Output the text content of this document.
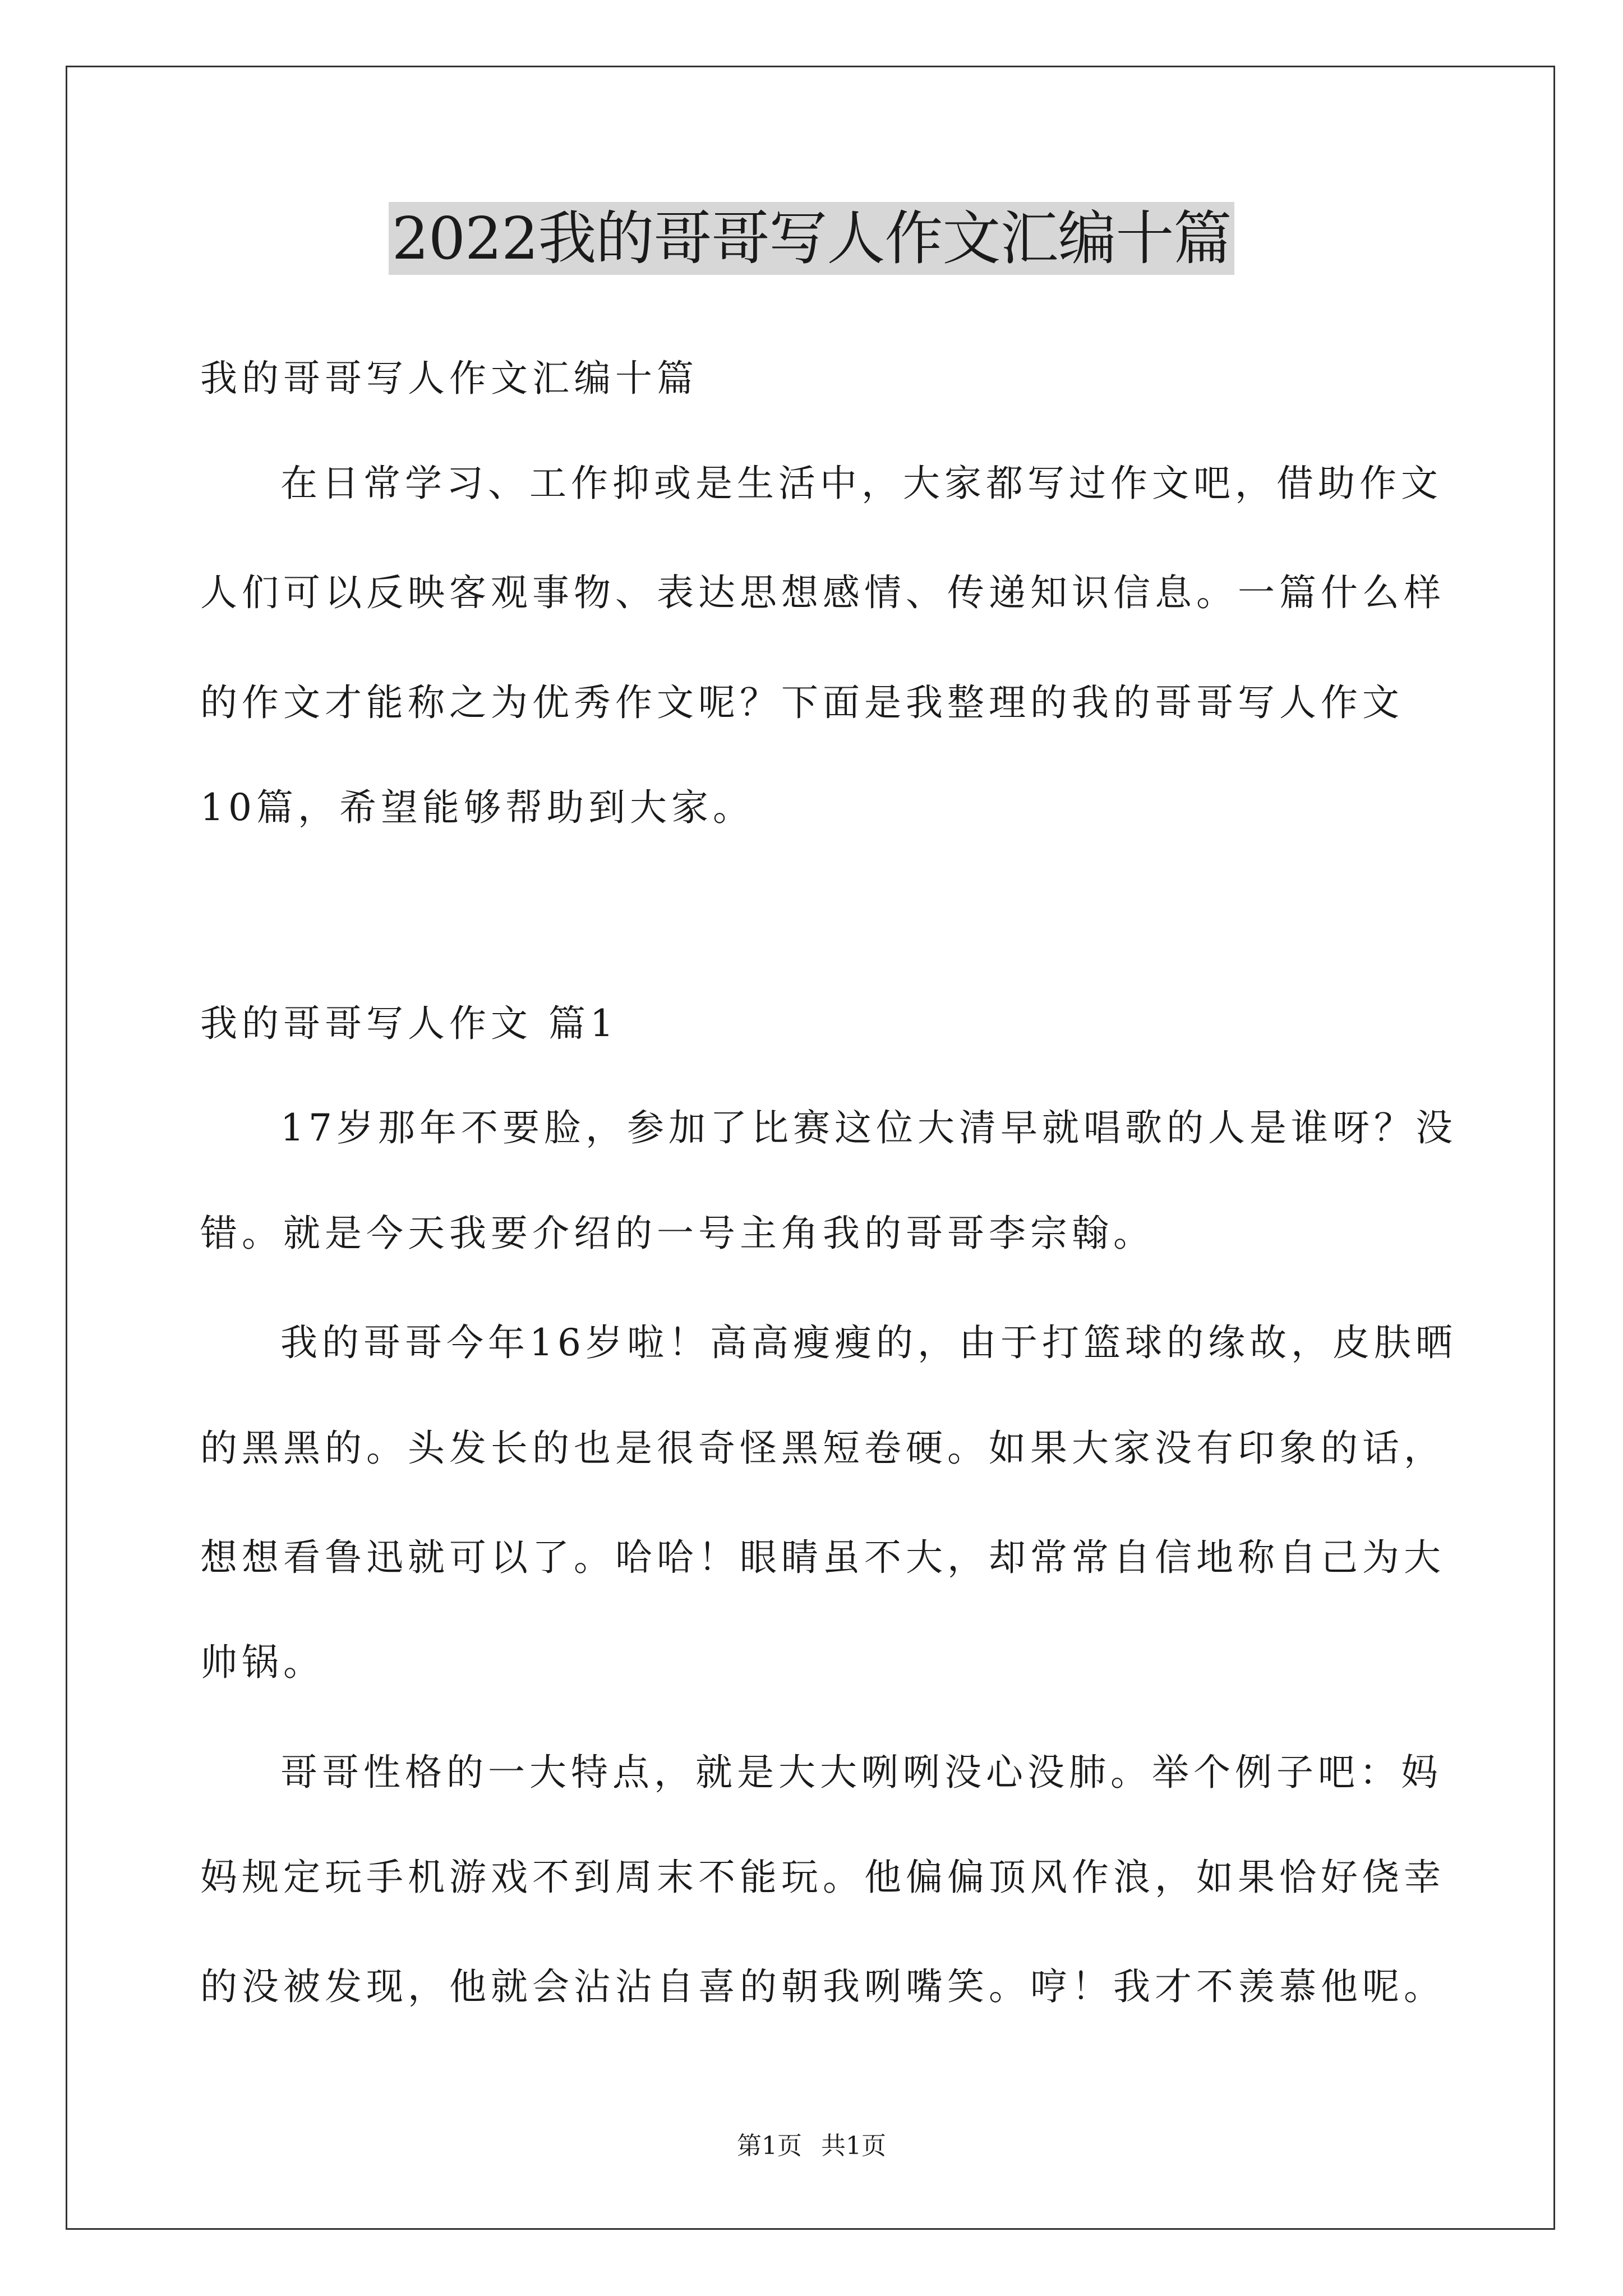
2022我的哥哥写人作文汇编十篇
我的哥哥写人作文汇编十篇
在日常学习、工作抑或是生活中，大家都写过作文吧，借助作文
人们可以反映客观事物、表达思想感情、传递知识信息。一篇什么样
的作文才能称之为优秀作文呢？下面是我整理的我的哥哥写人作文
10篇，希望能够帮助到大家。
我的哥哥写人作文 篇1
17岁那年不要脸，参加了比赛这位大清早就唱歌的人是谁呀？没
错。就是今天我要介绍的一号主角我的哥哥李宗翰。
我的哥哥今年16岁啦！高高瘦瘦的，由于打篮球的缘故，皮肤晒
的黑黑的。头发长的也是很奇怪黑短卷硬。如果大家没有印象的话，
想想看鲁迅就可以了。哈哈！眼睛虽不大，却常常自信地称自己为大
帅锅。
哥哥性格的一大特点，就是大大咧咧没心没肺。举个例子吧：妈
妈规定玩手机游戏不到周末不能玩。他偏偏顶风作浪，如果恰好侥幸
的没被发现，他就会沾沾自喜的朝我咧嘴笑。哼！我才不羡慕他呢。
第1页 共1页
